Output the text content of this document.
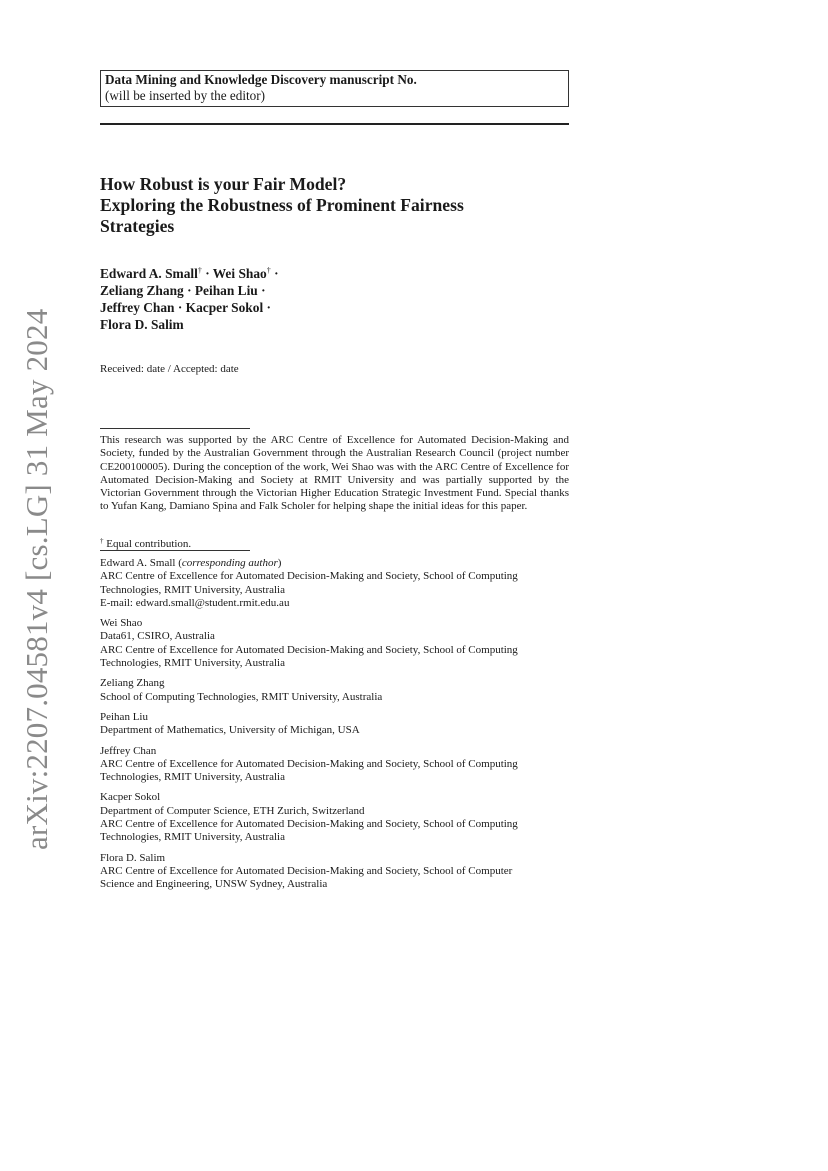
arXiv:2207.04581v4 [cs.LG] 31 May 2024
Data Mining and Knowledge Discovery manuscript No.
(will be inserted by the editor)
How Robust is your Fair Model?
Exploring the Robustness of Prominent Fairness
Strategies
Edward A. Small† · Wei Shao† ·
Zeliang Zhang · Peihan Liu ·
Jeffrey Chan · Kacper Sokol ·
Flora D. Salim
Received: date / Accepted: date

This research was supported by the ARC Centre of Excellence for Automated Decision-Making and Society, funded by the Australian Government through the Australian Research Council (project number CE200100005). During the conception of the work, Wei Shao was with the ARC Centre of Excellence for Automated Decision-Making and Society at RMIT University and was partially supported by the Victorian Government through the Victorian Higher Education Strategic Investment Fund. Special thanks to Yufan Kang, Damiano Spina and Falk Scholer for helping shape the initial ideas for this paper.

† Equal contribution.
Edward A. Small (corresponding author)
ARC Centre of Excellence for Automated Decision-Making and Society, School of Computing
Technologies, RMIT University, Australia
E-mail: edward.small@student.rmit.edu.au
Wei Shao
Data61, CSIRO, Australia
ARC Centre of Excellence for Automated Decision-Making and Society, School of Computing
Technologies, RMIT University, Australia
Zeliang Zhang
School of Computing Technologies, RMIT University, Australia
Peihan Liu
Department of Mathematics, University of Michigan, USA
Jeffrey Chan
ARC Centre of Excellence for Automated Decision-Making and Society, School of Computing
Technologies, RMIT University, Australia
Kacper Sokol
Department of Computer Science, ETH Zurich, Switzerland
ARC Centre of Excellence for Automated Decision-Making and Society, School of Computing
Technologies, RMIT University, Australia
Flora D. Salim
ARC Centre of Excellence for Automated Decision-Making and Society, School of Computer
Science and Engineering, UNSW Sydney, Australia
